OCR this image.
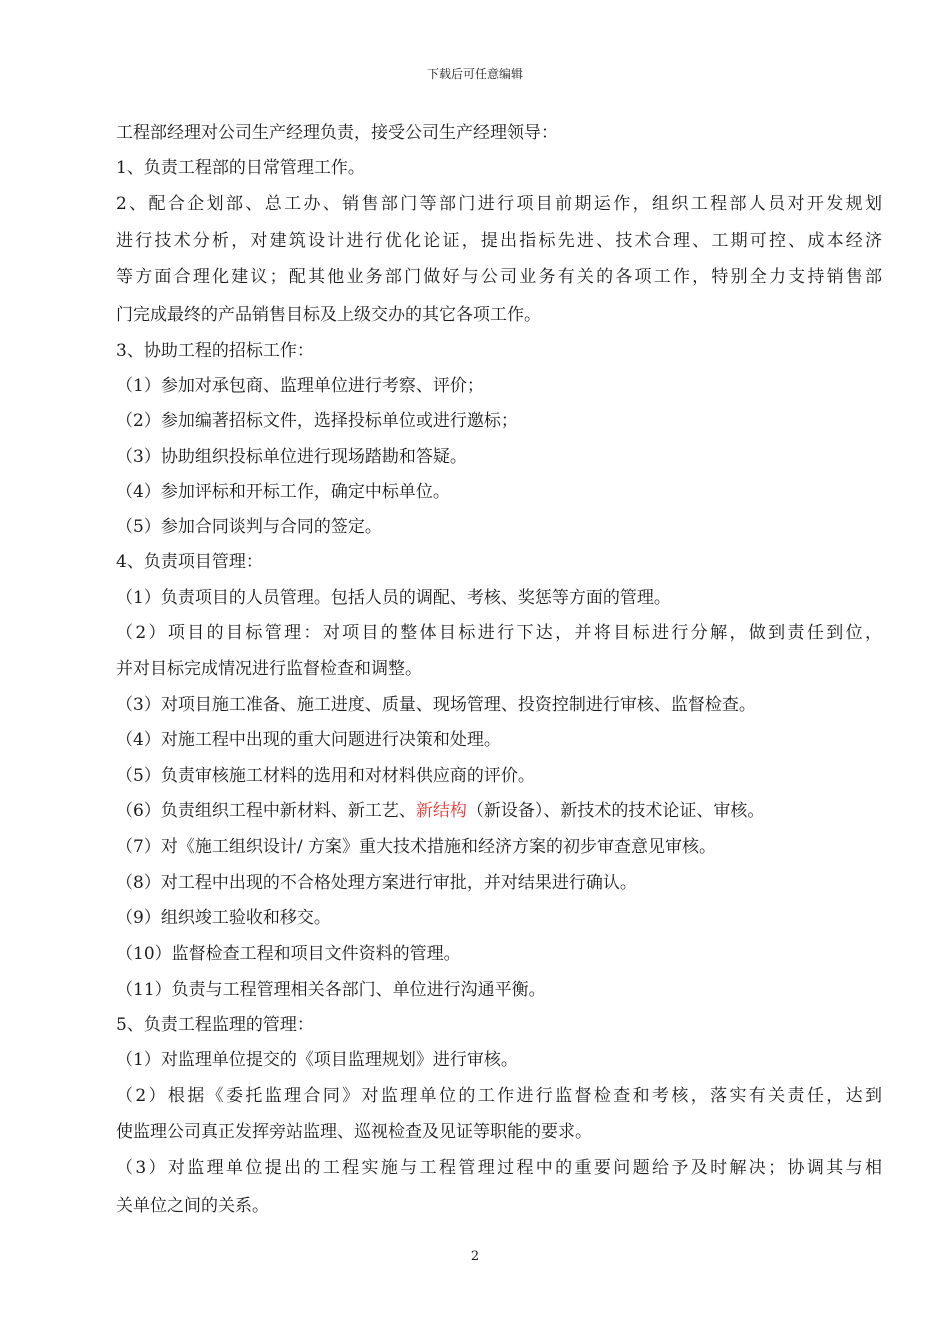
下载后可任意编辑
工程部经理对公司生产经理负责，接受公司生产经理领导：
1、负责工程部的日常管理工作。
2、配合企划部、总工办、销售部门等部门进行项目前期运作，组织工程部人员对开发规划
进行技术分析，对建筑设计进行优化论证，提出指标先进、技术合理、工期可控、成本经济
等方面合理化建议；配其他业务部门做好与公司业务有关的各项工作，特别全力支持销售部
门完成最终的产品销售目标及上级交办的其它各项工作。
3、协助工程的招标工作：
（1）参加对承包商、监理单位进行考察、评价；
（2）参加编著招标文件，选择投标单位或进行邀标；
（3）协助组织投标单位进行现场踏勘和答疑。
（4）参加评标和开标工作，确定中标单位。
（5）参加合同谈判与合同的签定。
4、负责项目管理：
（1）负责项目的人员管理。包括人员的调配、考核、奖惩等方面的管理。
（2）项目的目标管理：对项目的整体目标进行下达，并将目标进行分解，做到责任到位，
并对目标完成情况进行监督检查和调整。
（3）对项目施工准备、施工进度、质量、现场管理、投资控制进行审核、监督检查。
（4）对施工程中出现的重大问题进行决策和处理。
（5）负责审核施工材料的选用和对材料供应商的评价。
（6）负责组织工程中新材料、新工艺、新结构（新设备）、新技术的技术论证、审核。
（7）对《施工组织设计/ 方案》重大技术措施和经济方案的初步审查意见审核。
（8）对工程中出现的不合格处理方案进行审批，并对结果进行确认。
（9）组织竣工验收和移交。
（10）监督检查工程和项目文件资料的管理。
（11）负责与工程管理相关各部门、单位进行沟通平衡。
5、负责工程监理的管理：
（1）对监理单位提交的《项目监理规划》进行审核。
（2）根据《委托监理合同》对监理单位的工作进行监督检查和考核，落实有关责任，达到
使监理公司真正发挥旁站监理、巡视检查及见证等职能的要求。
（3）对监理单位提出的工程实施与工程管理过程中的重要问题给予及时解决；协调其与相
关单位之间的关系。
2
